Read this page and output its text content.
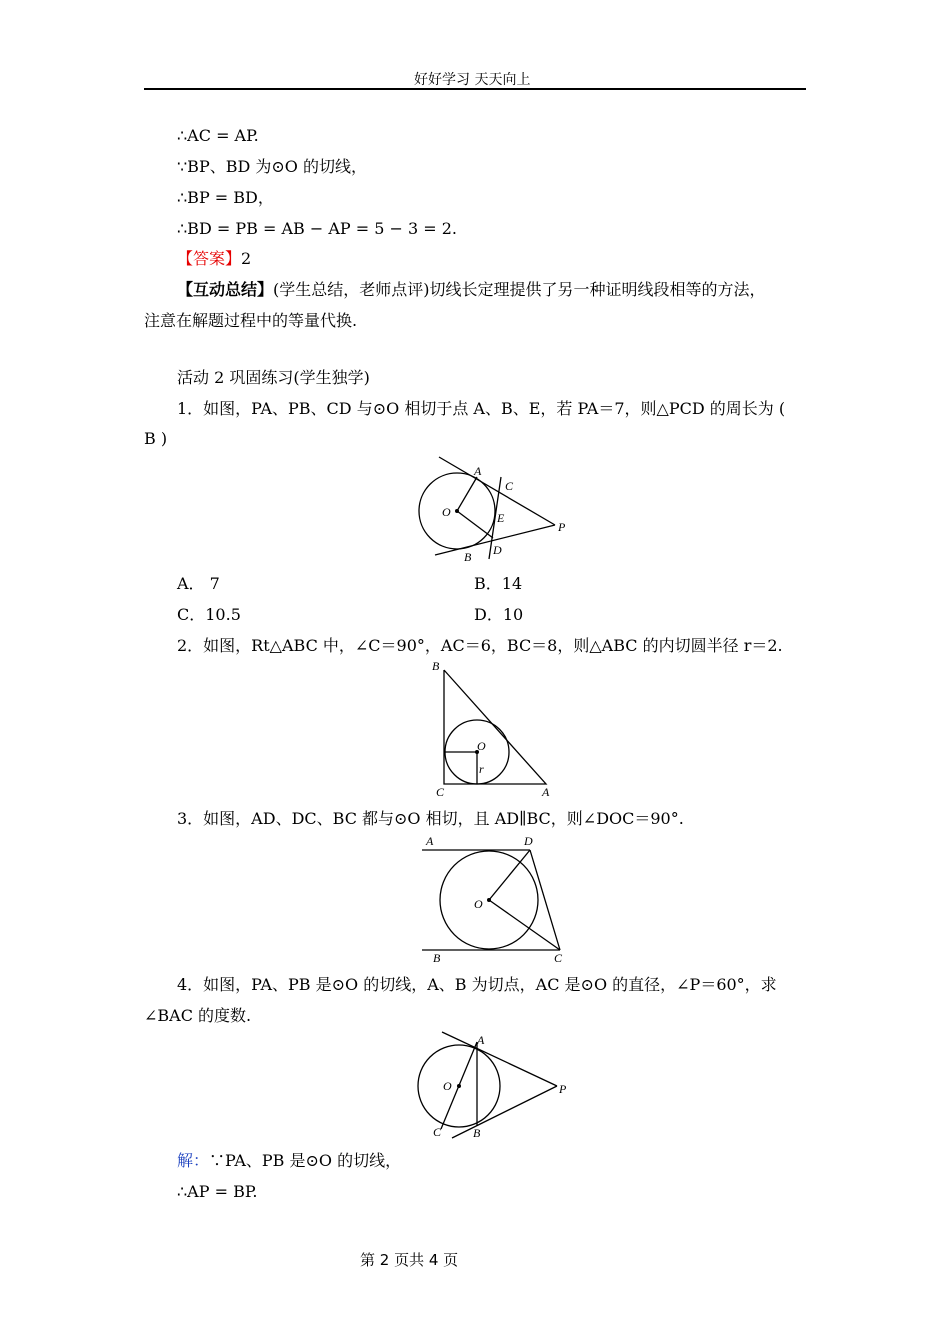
好好学习 天天向上
∴AC = AP.
∵BP、BD 为⊙O 的切线，
∴BP = BD，
∴BD = PB = AB − AP = 5 − 3 = 2.
【答案】2
【互动总结】(学生总结，老师点评)切线长定理提供了另一种证明线段相等的方法，
注意在解题过程中的等量代换.
活动 2 巩固练习(学生独学)
1．如图，PA、PB、CD 与⊙O 相切于点 A、B、E，若 PA＝7，则△PCD 的周长为 (
B )
A
C
O	E
P
B D
A． 7	B．14
C．10.5	D．10
2．如图，Rt△ABC 中，∠C＝90°，AC＝6，BC＝8，则△ABC 的内切圆半径 r＝2.
B
O
r
C	A
3．如图，AD、DC、BC 都与⊙O 相切，且 AD∥BC，则∠DOC＝90°.
A	D
O
B	C
4．如图，PA、PB 是⊙O 的切线，A、B 为切点，AC 是⊙O 的直径，∠P＝60°，求
∠BAC 的度数.
A
O	P
C	B
解：∵PA、PB 是⊙O 的切线，
∴AP = BP.
第 2 页共 4 页
